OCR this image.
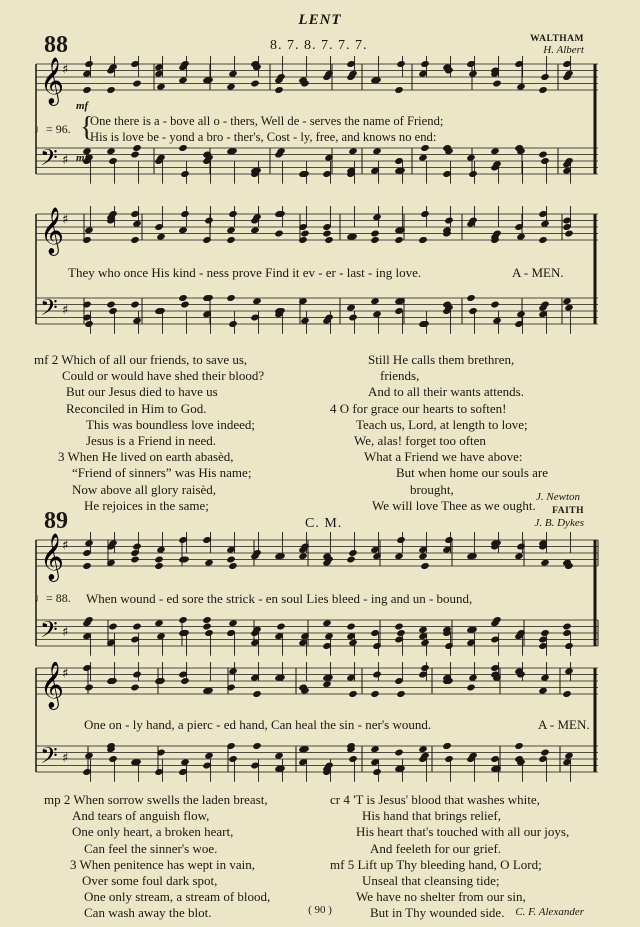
LENT
88	8. 7. 8. 7. 7. 7.	WALTHAM
H. Albert
𝄞
𝄢
♯
♯
mf
mf
♩= 96.
One there is a - bove all o - thers, Well de - serves the name of Friend;
His is love be - yond a bro - ther's, Cost - ly, free, and knows no end:
{
𝄞
𝄢
♯
♯
They who once His kind - ness prove Find it ev - er - last - ing love.	A - MEN.
mf 2 Which of all our friends, to save us,
Could or would have shed their blood?
But our Jesus died to have us
Reconciled in Him to God.
This was boundless love indeed;
Jesus is a Friend in need.
3 When He lived on earth abasèd,
“Friend of sinners” was His name;
Now above all glory raisèd,
He rejoices in the same;
Still He calls them brethren,
friends,
And to all their wants attends.
4 O for grace our hearts to soften!
Teach us, Lord, at length to love;
We, alas! forget too often
What a Friend we have above:
But when home our souls are
brought,
We will love Thee as we ought.
J. Newton
89	C. M.
FAITH
J. B. Dykes
𝄞
𝄢
♯
♯
♩= 88. When wound - ed sore the strick - en soul Lies bleed - ing and un - bound,
𝄞
𝄢
♯
♯
One on - ly hand, a pierc - ed hand, Can heal the sin - ner's wound.	A - MEN.
mp 2 When sorrow swells the laden breast,
And tears of anguish flow,
One only heart, a broken heart,
Can feel the sinner's woe.
3 When penitence has wept in vain,
Over some foul dark spot,
One only stream, a stream of blood,
Can wash away the blot.
cr 4 'T is Jesus' blood that washes white,
His hand that brings relief,
His heart that's touched with all our joys,
And feeleth for our grief.
mf 5 Lift up Thy bleeding hand, O Lord;
Unseal that cleansing tide;
We have no shelter from our sin,
But in Thy wounded side. C. F. Alexander
( 90 )
